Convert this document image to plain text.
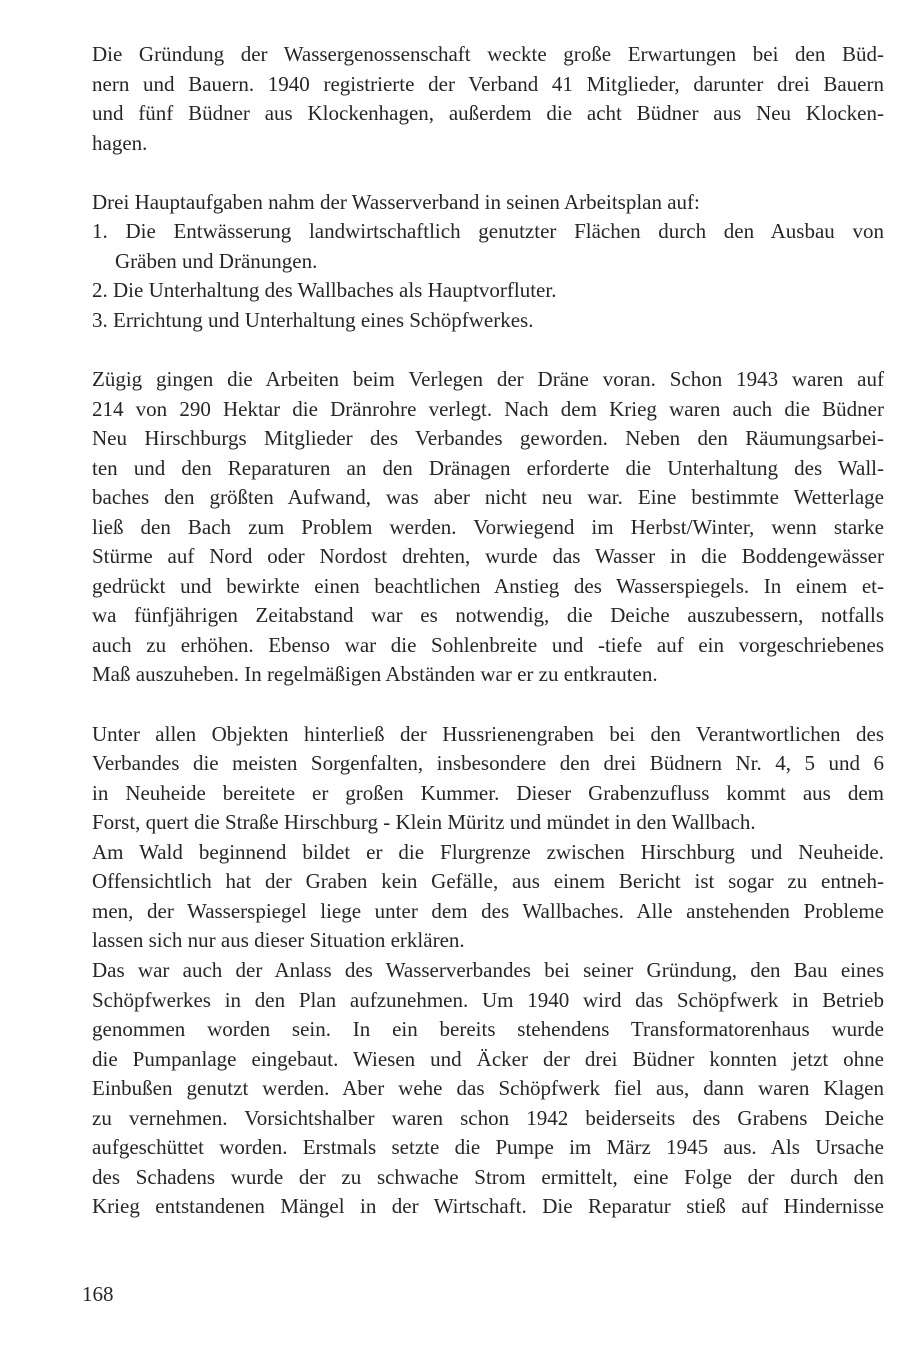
Die Gründung der Wassergenossenschaft weckte große Erwartungen bei den Büd-
nern und Bauern. 1940 registrierte der Verband 41 Mitglieder, darunter drei Bauern
und fünf Büdner aus Klockenhagen, außerdem die acht Büdner aus Neu Klocken-
hagen.
Drei Hauptaufgaben nahm der Wasserverband in seinen Arbeitsplan auf:
1. Die Entwässerung landwirtschaftlich genutzter Flächen durch den Ausbau von
Gräben und Dränungen.
2. Die Unterhaltung des Wallbaches als Hauptvorfluter.
3. Errichtung und Unterhaltung eines Schöpfwerkes.
Zügig gingen die Arbeiten beim Verlegen der Dräne voran. Schon 1943 waren auf
214 von 290 Hektar die Dränrohre verlegt. Nach dem Krieg waren auch die Büdner
Neu Hirschburgs Mitglieder des Verbandes geworden. Neben den Räumungsarbei-
ten und den Reparaturen an den Dränagen erforderte die Unterhaltung des Wall-
baches den größten Aufwand, was aber nicht neu war. Eine bestimmte Wetterlage
ließ den Bach zum Problem werden. Vorwiegend im Herbst/Winter, wenn starke
Stürme auf Nord oder Nordost drehten, wurde das Wasser in die Boddengewässer
gedrückt und bewirkte einen beachtlichen Anstieg des Wasserspiegels. In einem et-
wa fünfjährigen Zeitabstand war es notwendig, die Deiche auszubessern, notfalls
auch zu erhöhen. Ebenso war die Sohlenbreite und -tiefe auf ein vorgeschriebenes
Maß auszuheben. In regelmäßigen Abständen war er zu entkrauten.
Unter allen Objekten hinterließ der Hussrienengraben bei den Verantwortlichen des
Verbandes die meisten Sorgenfalten, insbesondere den drei Büdnern Nr. 4, 5 und 6
in Neuheide bereitete er großen Kummer. Dieser Grabenzufluss kommt aus dem
Forst, quert die Straße Hirschburg - Klein Müritz und mündet in den Wallbach.
Am Wald beginnend bildet er die Flurgrenze zwischen Hirschburg und Neuheide.
Offensichtlich hat der Graben kein Gefälle, aus einem Bericht ist sogar zu entneh-
men, der Wasserspiegel liege unter dem des Wallbaches. Alle anstehenden Probleme
lassen sich nur aus dieser Situation erklären.
Das war auch der Anlass des Wasserverbandes bei seiner Gründung, den Bau eines
Schöpfwerkes in den Plan aufzunehmen. Um 1940 wird das Schöpfwerk in Betrieb
genommen worden sein. In ein bereits stehendens Transformatorenhaus wurde
die Pumpanlage eingebaut. Wiesen und Äcker der drei Büdner konnten jetzt ohne
Einbußen genutzt werden. Aber wehe das Schöpfwerk fiel aus, dann waren Klagen
zu vernehmen. Vorsichtshalber waren schon 1942 beiderseits des Grabens Deiche
aufgeschüttet worden. Erstmals setzte die Pumpe im März 1945 aus. Als Ursache
des Schadens wurde der zu schwache Strom ermittelt, eine Folge der durch den
Krieg entstandenen Mängel in der Wirtschaft. Die Reparatur stieß auf Hindernisse
168
